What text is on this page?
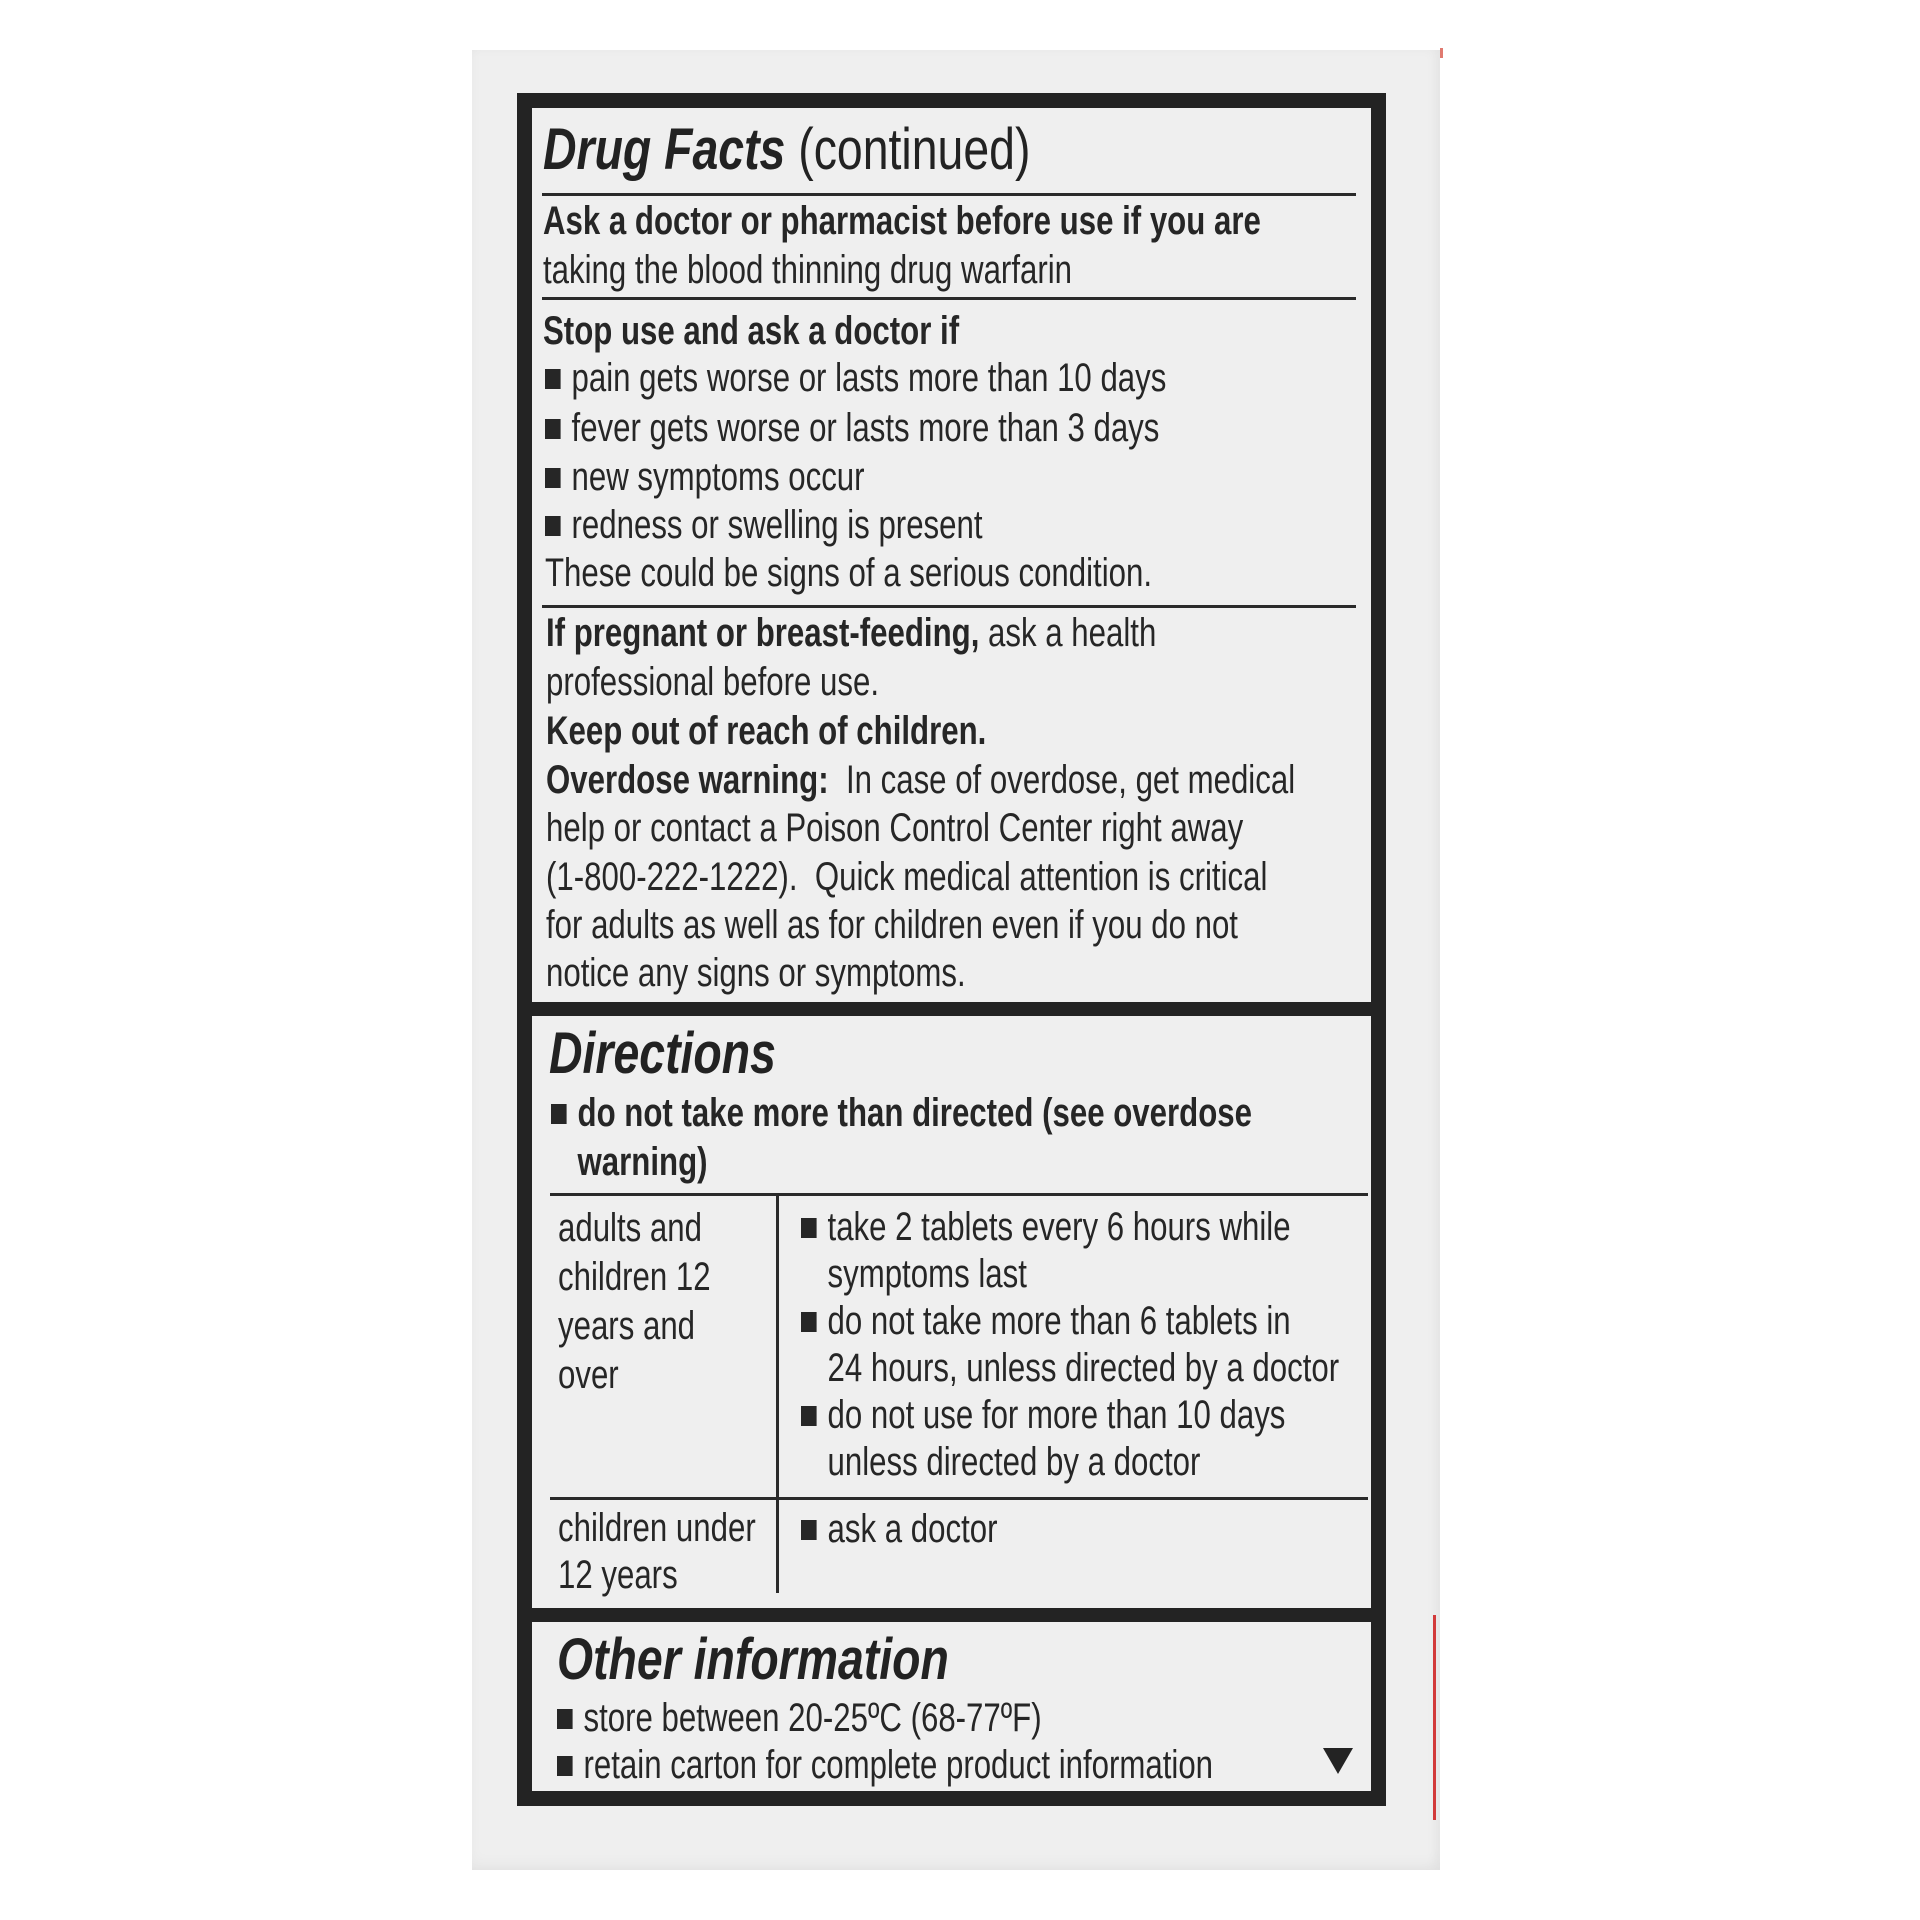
Drug Facts (continued)
Ask a doctor or pharmacist before use if you are
taking the blood thinning drug warfarin
Stop use and ask a doctor if
pain gets worse or lasts more than 10 days
fever gets worse or lasts more than 3 days
new symptoms occur
redness or swelling is present
These could be signs of a serious condition.
If pregnant or breast-feeding, ask a health
professional before use.
Keep out of reach of children.
Overdose warning:  In case of overdose, get medical
help or contact a Poison Control Center right away
(1-800-222-1222).  Quick medical attention is critical
for adults as well as for children even if you do not
notice any signs or symptoms.
Directions
do not take more than directed (see overdose
warning)
adults and
children 12
years and
over
take 2 tablets every 6 hours while
symptoms last
do not take more than 6 tablets in
24 hours, unless directed by a doctor
do not use for more than 10 days
unless directed by a doctor
children under
12 years
ask a doctor
Other information
store between 20-25ºC (68-77ºF)
retain carton for complete product information
